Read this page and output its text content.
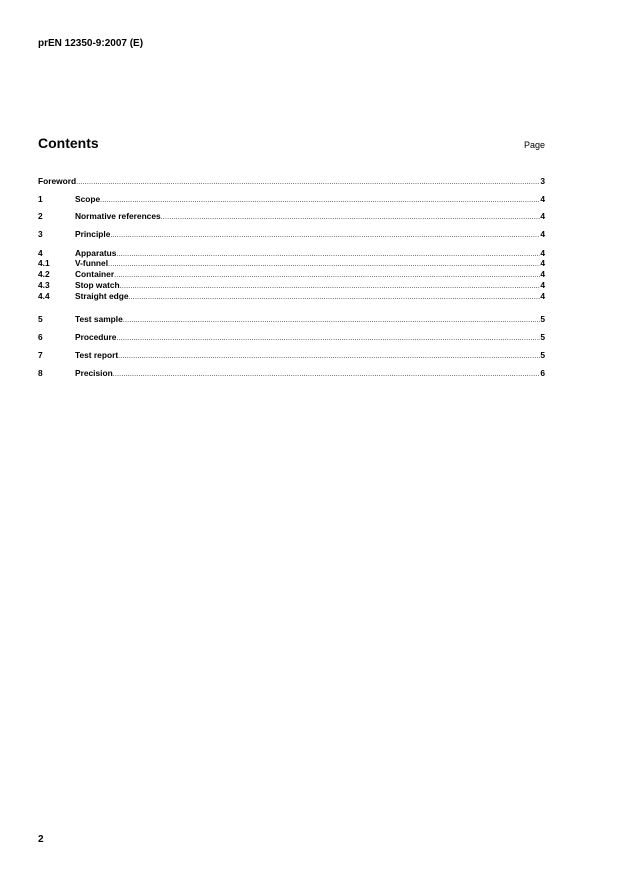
prEN 12350-9:2007 (E)
Contents	Page
Foreword .....	3
1	Scope .....	4
2	Normative references .....	4
3	Principle .....	4
4	Apparatus .....	4
4.1	V-funnel .....	4
4.2	Container .....	4
4.3	Stop watch .....	4
4.4	Straight edge .....	4
5	Test sample .....	5
6	Procedure .....	5
7	Test report .....	5
8	Precision .....	6
2
